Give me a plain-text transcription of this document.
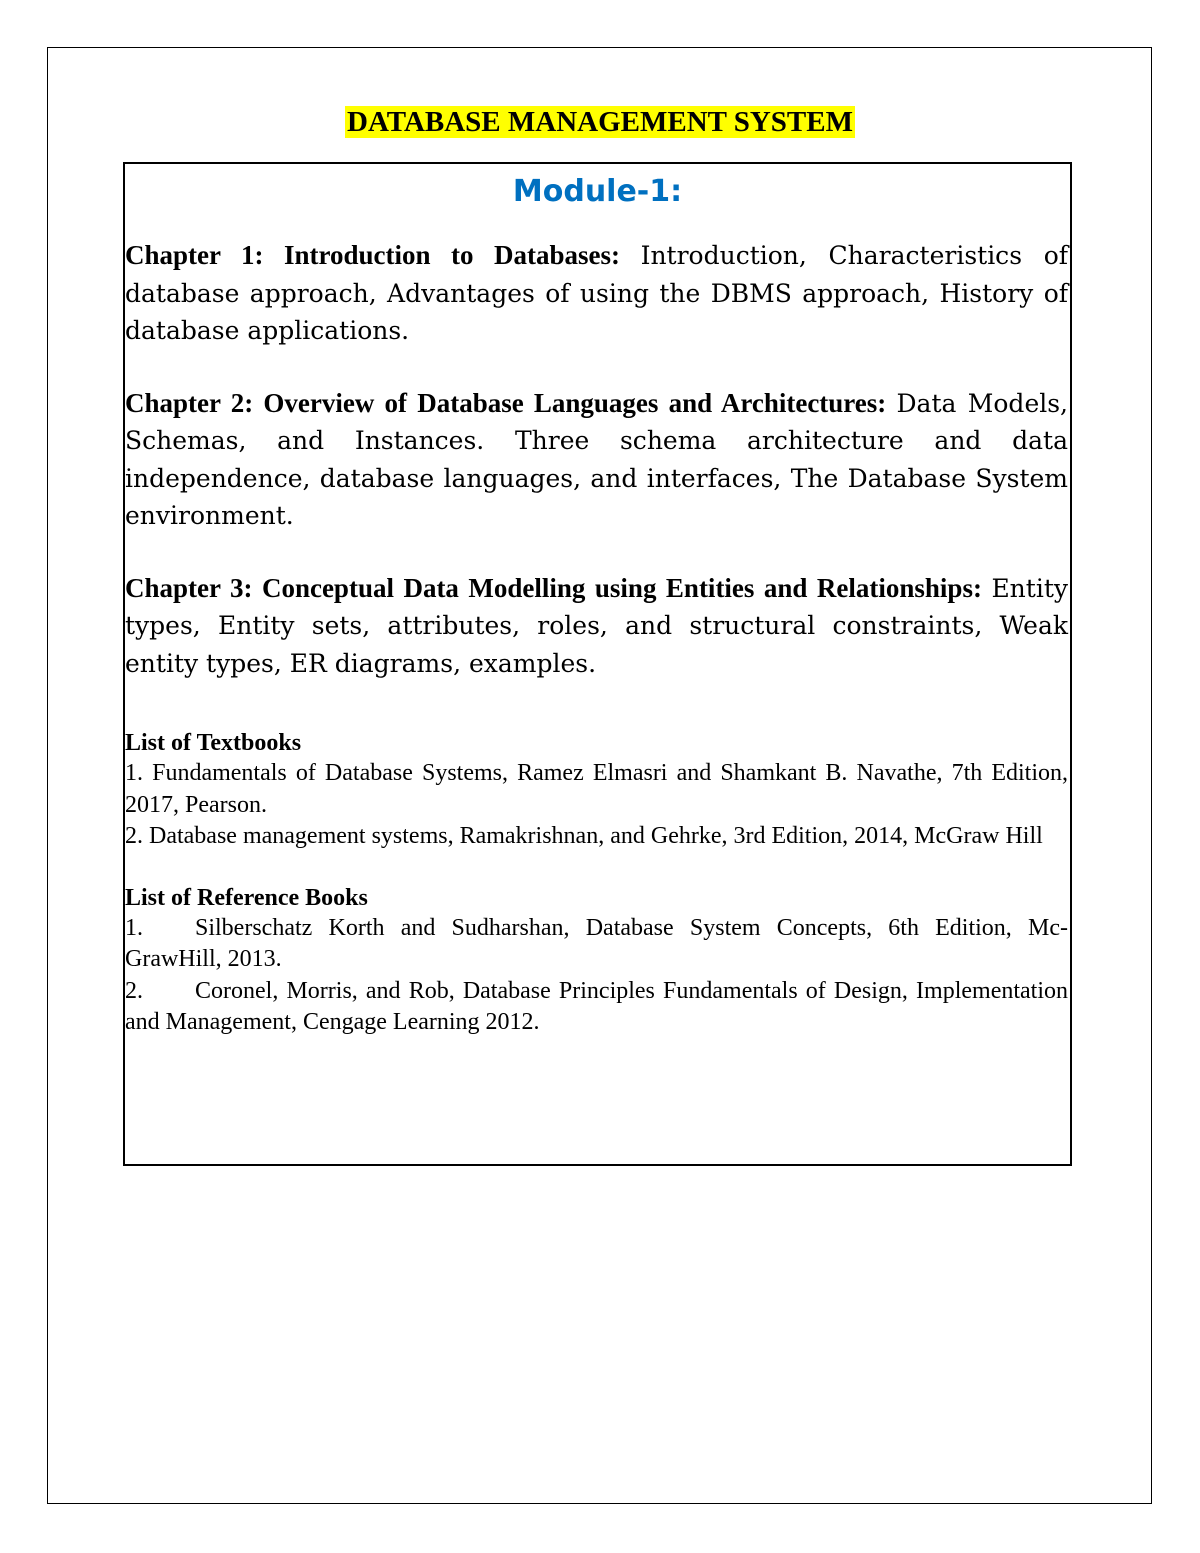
DATABASE MANAGEMENT SYSTEM
Module-1:

Chapter 1: Introduction to Databases: Introduction, Characteristics of database approach, Advantages of using the DBMS approach, History of database applications.

Chapter 2: Overview of Database Languages and Architectures: Data Models, Schemas, and Instances. Three schema architecture and data independence, database languages, and interfaces, The Database System environment.

Chapter 3: Conceptual Data Modelling using Entities and Relationships: Entity types, Entity sets, attributes, roles, and structural constraints, Weak entity types, ER diagrams, examples.

List of Textbooks

1. Fundamentals of Database Systems, Ramez Elmasri and Shamkant B. Navathe, 7th Edition, 2017, Pearson.

2. Database management systems, Ramakrishnan, and Gehrke, 3rd Edition, 2014, McGraw Hill

List of Reference Books

1. Silberschatz Korth and Sudharshan, Database System Concepts, 6th Edition, Mc- GrawHill, 2013.

2. Coronel, Morris, and Rob, Database Principles Fundamentals of Design, Implementation and Management, Cengage Learning 2012.
